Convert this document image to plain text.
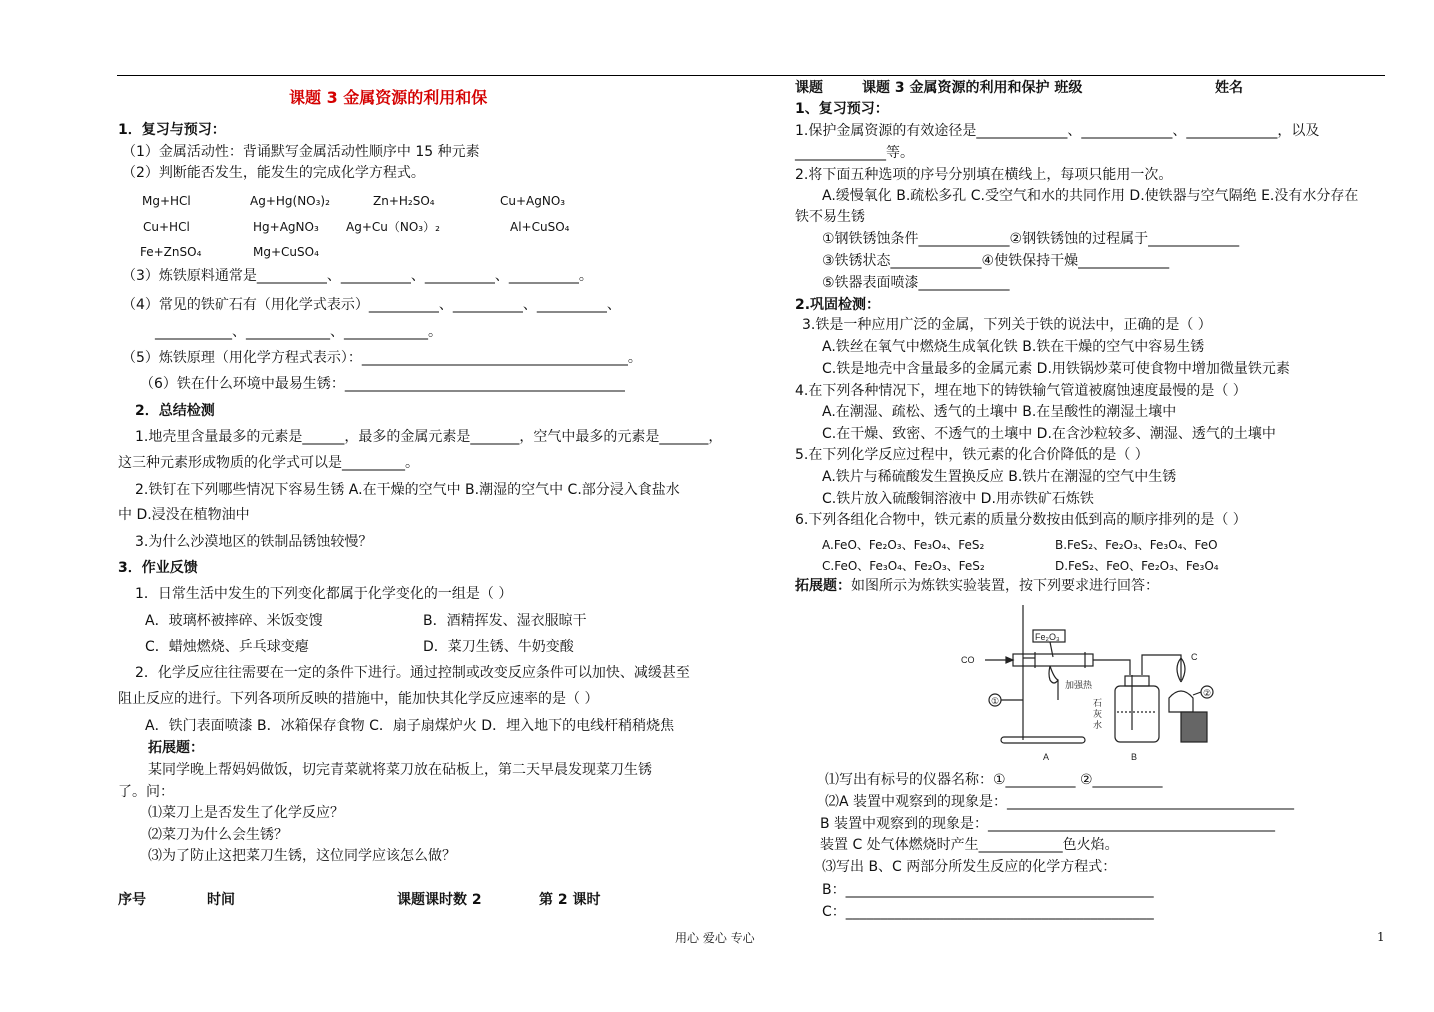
课题 3 金属资源的利用和保
1．复习与预习：
（1）金属活动性：背诵默写金属活动性顺序中 15 种元素
（2）判断能否发生，能发生的完成化学方程式。
Mg+HCl	Ag+Hg(NO₃)₂	Zn+H₂SO₄	Cu+AgNO₃
Cu+HCl	Hg+AgNO₃ Ag+Cu（NO₃）₂	Al+CuSO₄
Fe+ZnSO₄	Mg+CuSO₄
（3）炼铁原料通常是__________、__________、__________、__________。
（4）常见的铁矿石有（用化学式表示）__________、__________、__________、
___________、____________、____________。
（5）炼铁原理（用化学方程式表示）：______________________________________。
（6）铁在什么环境中最易生锈：________________________________________
2．总结检测
1.地壳里含量最多的元素是______，最多的金属元素是_______，空气中最多的元素是_______，
这三种元素形成物质的化学式可以是_________。
2.铁钉在下列哪些情况下容易生锈 A.在干燥的空气中 B.潮湿的空气中 C.部分浸入食盐水
中 D.浸没在植物油中
3.为什么沙漠地区的铁制品锈蚀较慢？
3．作业反馈
1．日常生活中发生的下列变化都属于化学变化的一组是（ ）
A．玻璃杯被摔碎、米饭变馊	B．酒精挥发、湿衣服晾干
C．蜡烛燃烧、乒乓球变瘪	D．菜刀生锈、牛奶变酸
2．化学反应往往需要在一定的条件下进行。通过控制或改变反应条件可以加快、减缓甚至
阻止反应的进行。下列各项所反映的措施中，能加快其化学反应速率的是（ ）
A．铁门表面喷漆 B．冰箱保存食物 C．扇子扇煤炉火 D．埋入地下的电线杆稍稍烧焦
拓展题：
某同学晚上帮妈妈做饭，切完青菜就将菜刀放在砧板上，第二天早晨发现菜刀生锈
了。问：
⑴菜刀上是否发生了化学反应？
⑵菜刀为什么会生锈？
⑶为了防止这把菜刀生锈，这位同学应该怎么做？
序号	时间	课题课时数 2	第 2 课时
课题	课题 3 金属资源的利用和保护 班级	姓名
1、复习预习：
1.保护金属资源的有效途径是_____________、_____________、_____________，以及
_____________等。
2.将下面五种选项的序号分别填在横线上，每项只能用一次。
A.缓慢氧化 B.疏松多孔 C.受空气和水的共同作用 D.使铁器与空气隔绝 E.没有水分存在
铁不易生锈
①钢铁锈蚀条件_____________②钢铁锈蚀的过程属于_____________
③铁锈状态_____________④使铁保持干燥_____________
⑤铁器表面喷漆_____________
2.巩固检测：
3.铁是一种应用广泛的金属，下列关于铁的说法中，正确的是（ ）
A.铁丝在氧气中燃烧生成氧化铁 B.铁在干燥的空气中容易生锈
C.铁是地壳中含量最多的金属元素 D.用铁锅炒菜可使食物中增加微量铁元素
4.在下列各种情况下，埋在地下的铸铁输气管道被腐蚀速度最慢的是（ ）
A.在潮湿、疏松、透气的土壤中 B.在呈酸性的潮湿土壤中
C.在干燥、致密、不透气的土壤中 D.在含沙粒较多、潮湿、透气的土壤中
5.在下列化学反应过程中，铁元素的化合价降低的是（ ）
A.铁片与稀硫酸发生置换反应 B.铁片在潮湿的空气中生锈
C.铁片放入硫酸铜溶液中 D.用赤铁矿石炼铁
6.下列各组化合物中，铁元素的质量分数按由低到高的顺序排列的是（ ）
A.FeO、Fe₂O₃、Fe₃O₄、FeS₂	B.FeS₂、Fe₂O₃、Fe₃O₄、FeO
C.FeO、Fe₃O₄、Fe₂O₃、FeS₂	D.FeS₂、FeO、Fe₂O₃、Fe₃O₄
拓展题：如图所示为炼铁实验装置，按下列要求进行回答：
CO
Fe₂O₃
加强热
石
灰
水
①
②
A	B
C
⑴写出有标号的仪器名称：①__________ ②__________
⑵A 装置中观察到的现象是：_________________________________________
B 装置中观察到的现象是：_________________________________________
装置 C 处气体燃烧时产生____________色火焰。
⑶写出 B、C 两部分所发生反应的化学方程式：
B：____________________________________________
C：____________________________________________
用心 爱心 专心	1
